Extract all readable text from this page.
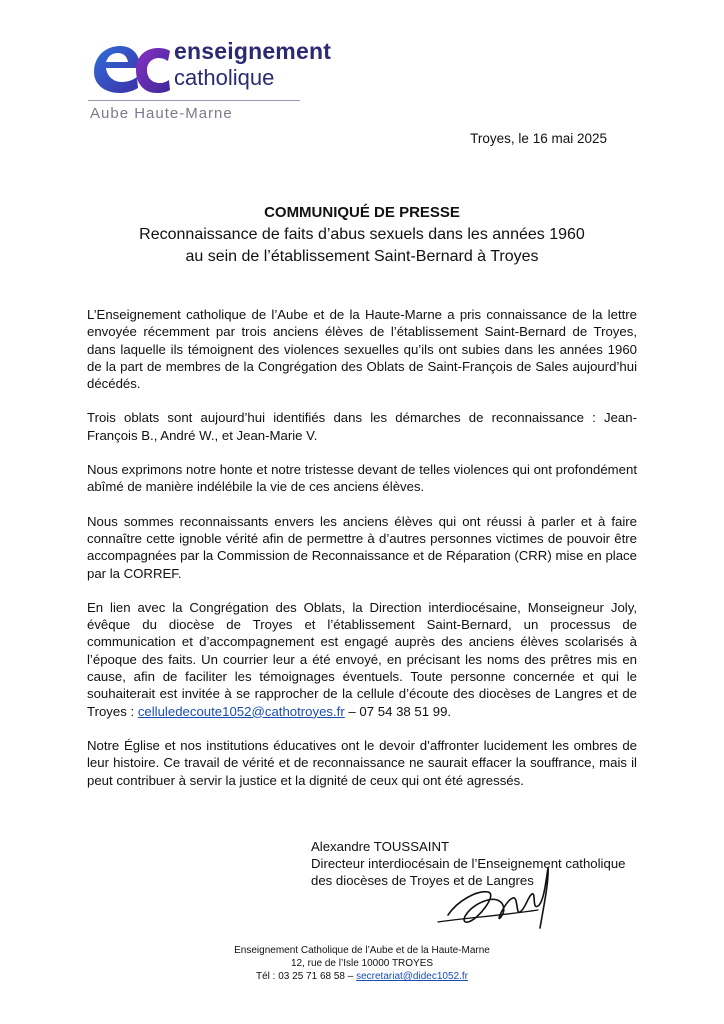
enseignement
catholique
Aube Haute-Marne
Troyes, le 16 mai 2025
COMMUNIQUÉ DE PRESSE
Reconnaissance de faits d’abus sexuels dans les années 1960
au sein de l’établissement Saint-Bernard à Troyes

L’Enseignement catholique de l’Aube et de la Haute-Marne a pris connaissance de la lettre envoyée récemment par trois anciens élèves de l’établissement Saint-Bernard de Troyes, dans laquelle ils témoignent des violences sexuelles qu’ils ont subies dans les années 1960 de la part de membres de la Congrégation des Oblats de Saint-François de Sales aujourd’hui décédés.

Trois oblats sont aujourd’hui identifiés dans les démarches de reconnaissance : Jean-François B., André W., et Jean-Marie V.

Nous exprimons notre honte et notre tristesse devant de telles violences qui ont profondément abîmé de manière indélébile la vie de ces anciens élèves.

Nous sommes reconnaissants envers les anciens élèves qui ont réussi à parler et à faire connaître cette ignoble vérité afin de permettre à d’autres personnes victimes de pouvoir être accompagnées par la Commission de Reconnaissance et de Réparation (CRR) mise en place par la CORREF.

En lien avec la Congrégation des Oblats, la Direction interdiocésaine, Monseigneur Joly, évêque du diocèse de Troyes et l’établissement Saint-Bernard, un processus de communication et d’accompagnement est engagé auprès des anciens élèves scolarisés à l’époque des faits. Un courrier leur a été envoyé, en précisant les noms des prêtres mis en cause, afin de faciliter les témoignages éventuels. Toute personne concernée et qui le souhaiterait est invitée à se rapprocher de la cellule d’écoute des diocèses de Langres et de Troyes : celluledecoute1052@cathotroyes.fr – 07 54 38 51 99.

Notre Église et nos institutions éducatives ont le devoir d’affronter lucidement les ombres de leur histoire. Ce travail de vérité et de reconnaissance ne saurait effacer la souffrance, mais il peut contribuer à servir la justice et la dignité de ceux qui ont été agressés.

Alexandre TOUSSAINT
Directeur interdiocésain de l’Enseignement catholique
des diocèses de Troyes et de Langres
Enseignement Catholique de l’Aube et de la Haute-Marne
12, rue de l’Isle 10000 TROYES
Tél : 03 25 71 68 58 – secretariat@didec1052.fr
